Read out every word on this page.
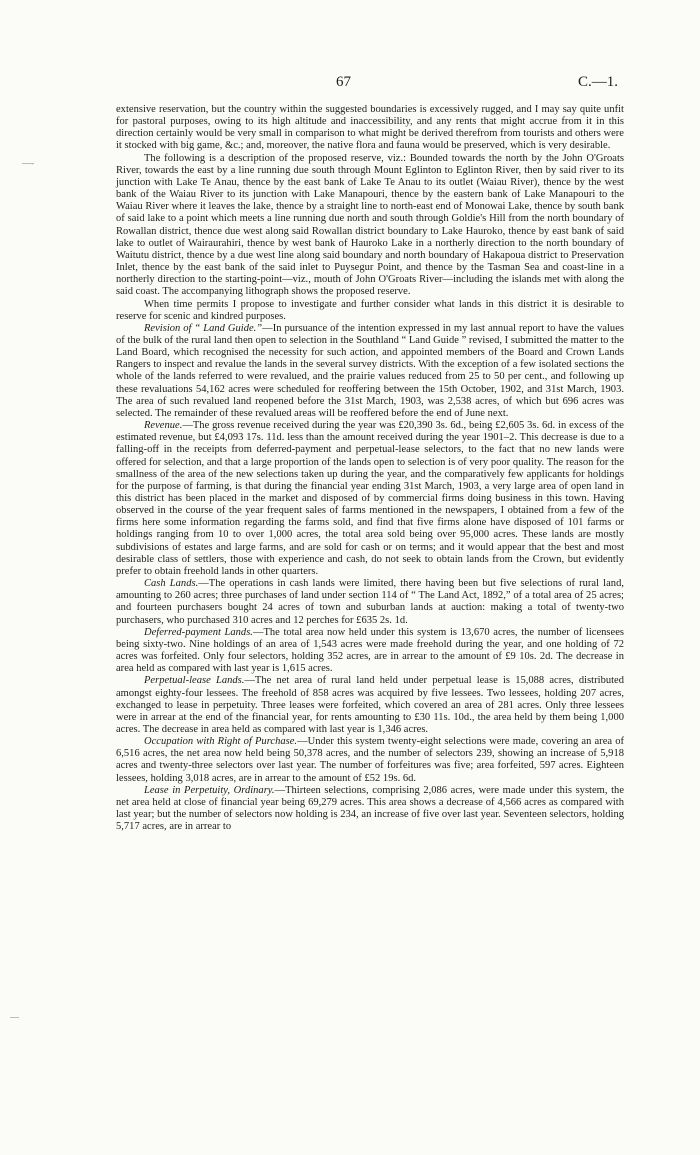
67	C.—1.
—‑
—

extensive reservation, but the country within the suggested boundaries is excessively rugged, and I may say quite unfit for pastoral purposes, owing to its high altitude and inaccessibility, and any rents that might accrue from it in this direction certainly would be very small in comparison to what might be derived therefrom from tourists and others were it stocked with big game, &c.; and, moreover, the native flora and fauna would be preserved, which is very desirable.

The following is a description of the proposed reserve, viz.: Bounded towards the north by the John O'Groats River, towards the east by a line running due south through Mount Eglinton to Eglinton River, then by said river to its junction with Lake Te Anau, thence by the east bank of Lake Te Anau to its outlet (Waiau River), thence by the west bank of the Waiau River to its junction with Lake Manapouri, thence by the eastern bank of Lake Manapouri to the Waiau River where it leaves the lake, thence by a straight line to north-east end of Monowai Lake, thence by south bank of said lake to a point which meets a line running due north and south through Goldie's Hill from the north boundary of Rowallan district, thence due west along said Rowallan district boundary to Lake Hauroko, thence by east bank of said lake to outlet of Wairaurahiri, thence by west bank of Hauroko Lake in a northerly direction to the north boundary of Waitutu district, thence by a due west line along said boundary and north boundary of Hakapoua district to Preservation Inlet, thence by the east bank of the said inlet to Puysegur Point, and thence by the Tasman Sea and coast-line in a northerly direction to the starting-point—viz., mouth of John O'Groats River—including the islands met with along the said coast. The accompanying lithograph shows the proposed reserve.

When time permits I propose to investigate and further consider what lands in this district it is desirable to reserve for scenic and kindred purposes.

Revision of “ Land Guide.”—In pursuance of the intention expressed in my last annual report to have the values of the bulk of the rural land then open to selection in the Southland “ Land Guide ” revised, I submitted the matter to the Land Board, which recognised the necessity for such action, and appointed members of the Board and Crown Lands Rangers to inspect and revalue the lands in the several survey districts. With the exception of a few isolated sections the whole of the lands referred to were revalued, and the prairie values reduced from 25 to 50 per cent., and following up these revaluations 54,162 acres were scheduled for reoffering between the 15th October, 1902, and 31st March, 1903. The area of such revalued land reopened before the 31st March, 1903, was 2,538 acres, of which but 696 acres was selected. The remainder of these revalued areas will be reoffered before the end of June next.

Revenue.—The gross revenue received during the year was £20,390 3s. 6d., being £2,605 3s. 6d. in excess of the estimated revenue, but £4,093 17s. 11d. less than the amount received during the year 1901–2. This decrease is due to a falling-off in the receipts from deferred-payment and perpetual-lease selectors, to the fact that no new lands were offered for selection, and that a large proportion of the lands open to selection is of very poor quality. The reason for the smallness of the area of the new selections taken up during the year, and the comparatively few applicants for holdings for the purpose of farming, is that during the financial year ending 31st March, 1903, a very large area of open land in this district has been placed in the market and disposed of by commercial firms doing business in this town. Having observed in the course of the year frequent sales of farms mentioned in the newspapers, I obtained from a few of the firms here some information regarding the farms sold, and find that five firms alone have disposed of 101 farms or holdings ranging from 10 to over 1,000 acres, the total area sold being over 95,000 acres. These lands are mostly subdivisions of estates and large farms, and are sold for cash or on terms; and it would appear that the best and most desirable class of settlers, those with experience and cash, do not seek to obtain lands from the Crown, but evidently prefer to obtain freehold lands in other quarters.

Cash Lands.—The operations in cash lands were limited, there having been but five selections of rural land, amounting to 260 acres; three purchases of land under section 114 of “ The Land Act, 1892,” of a total area of 25 acres; and fourteen purchasers bought 24 acres of town and suburban lands at auction: making a total of twenty-two purchasers, who purchased 310 acres and 12 perches for £635 2s. 1d.

Deferred-payment Lands.—The total area now held under this system is 13,670 acres, the number of licensees being sixty-two. Nine holdings of an area of 1,543 acres were made freehold during the year, and one holding of 72 acres was forfeited. Only four selectors, holding 352 acres, are in arrear to the amount of £9 10s. 2d. The decrease in area held as compared with last year is 1,615 acres.

Perpetual-lease Lands.—The net area of rural land held under perpetual lease is 15,088 acres, distributed amongst eighty-four lessees. The freehold of 858 acres was acquired by five lessees. Two lessees, holding 207 acres, exchanged to lease in perpetuity. Three leases were forfeited, which covered an area of 281 acres. Only three lessees were in arrear at the end of the financial year, for rents amounting to £30 11s. 10d., the area held by them being 1,000 acres. The decrease in area held as compared with last year is 1,346 acres.

Occupation with Right of Purchase.—Under this system twenty-eight selections were made, covering an area of 6,516 acres, the net area now held being 50,378 acres, and the number of selectors 239, showing an increase of 5,918 acres and twenty-three selectors over last year. The number of forfeitures was five; area forfeited, 597 acres. Eighteen lessees, holding 3,018 acres, are in arrear to the amount of £52 19s. 6d.

Lease in Perpetuity, Ordinary.—Thirteen selections, comprising 2,086 acres, were made under this system, the net area held at close of financial year being 69,279 acres. This area shows a decrease of 4,566 acres as compared with last year; but the number of selectors now holding is 234, an increase of five over last year. Seventeen selectors, holding 5,717 acres, are in arrear to
